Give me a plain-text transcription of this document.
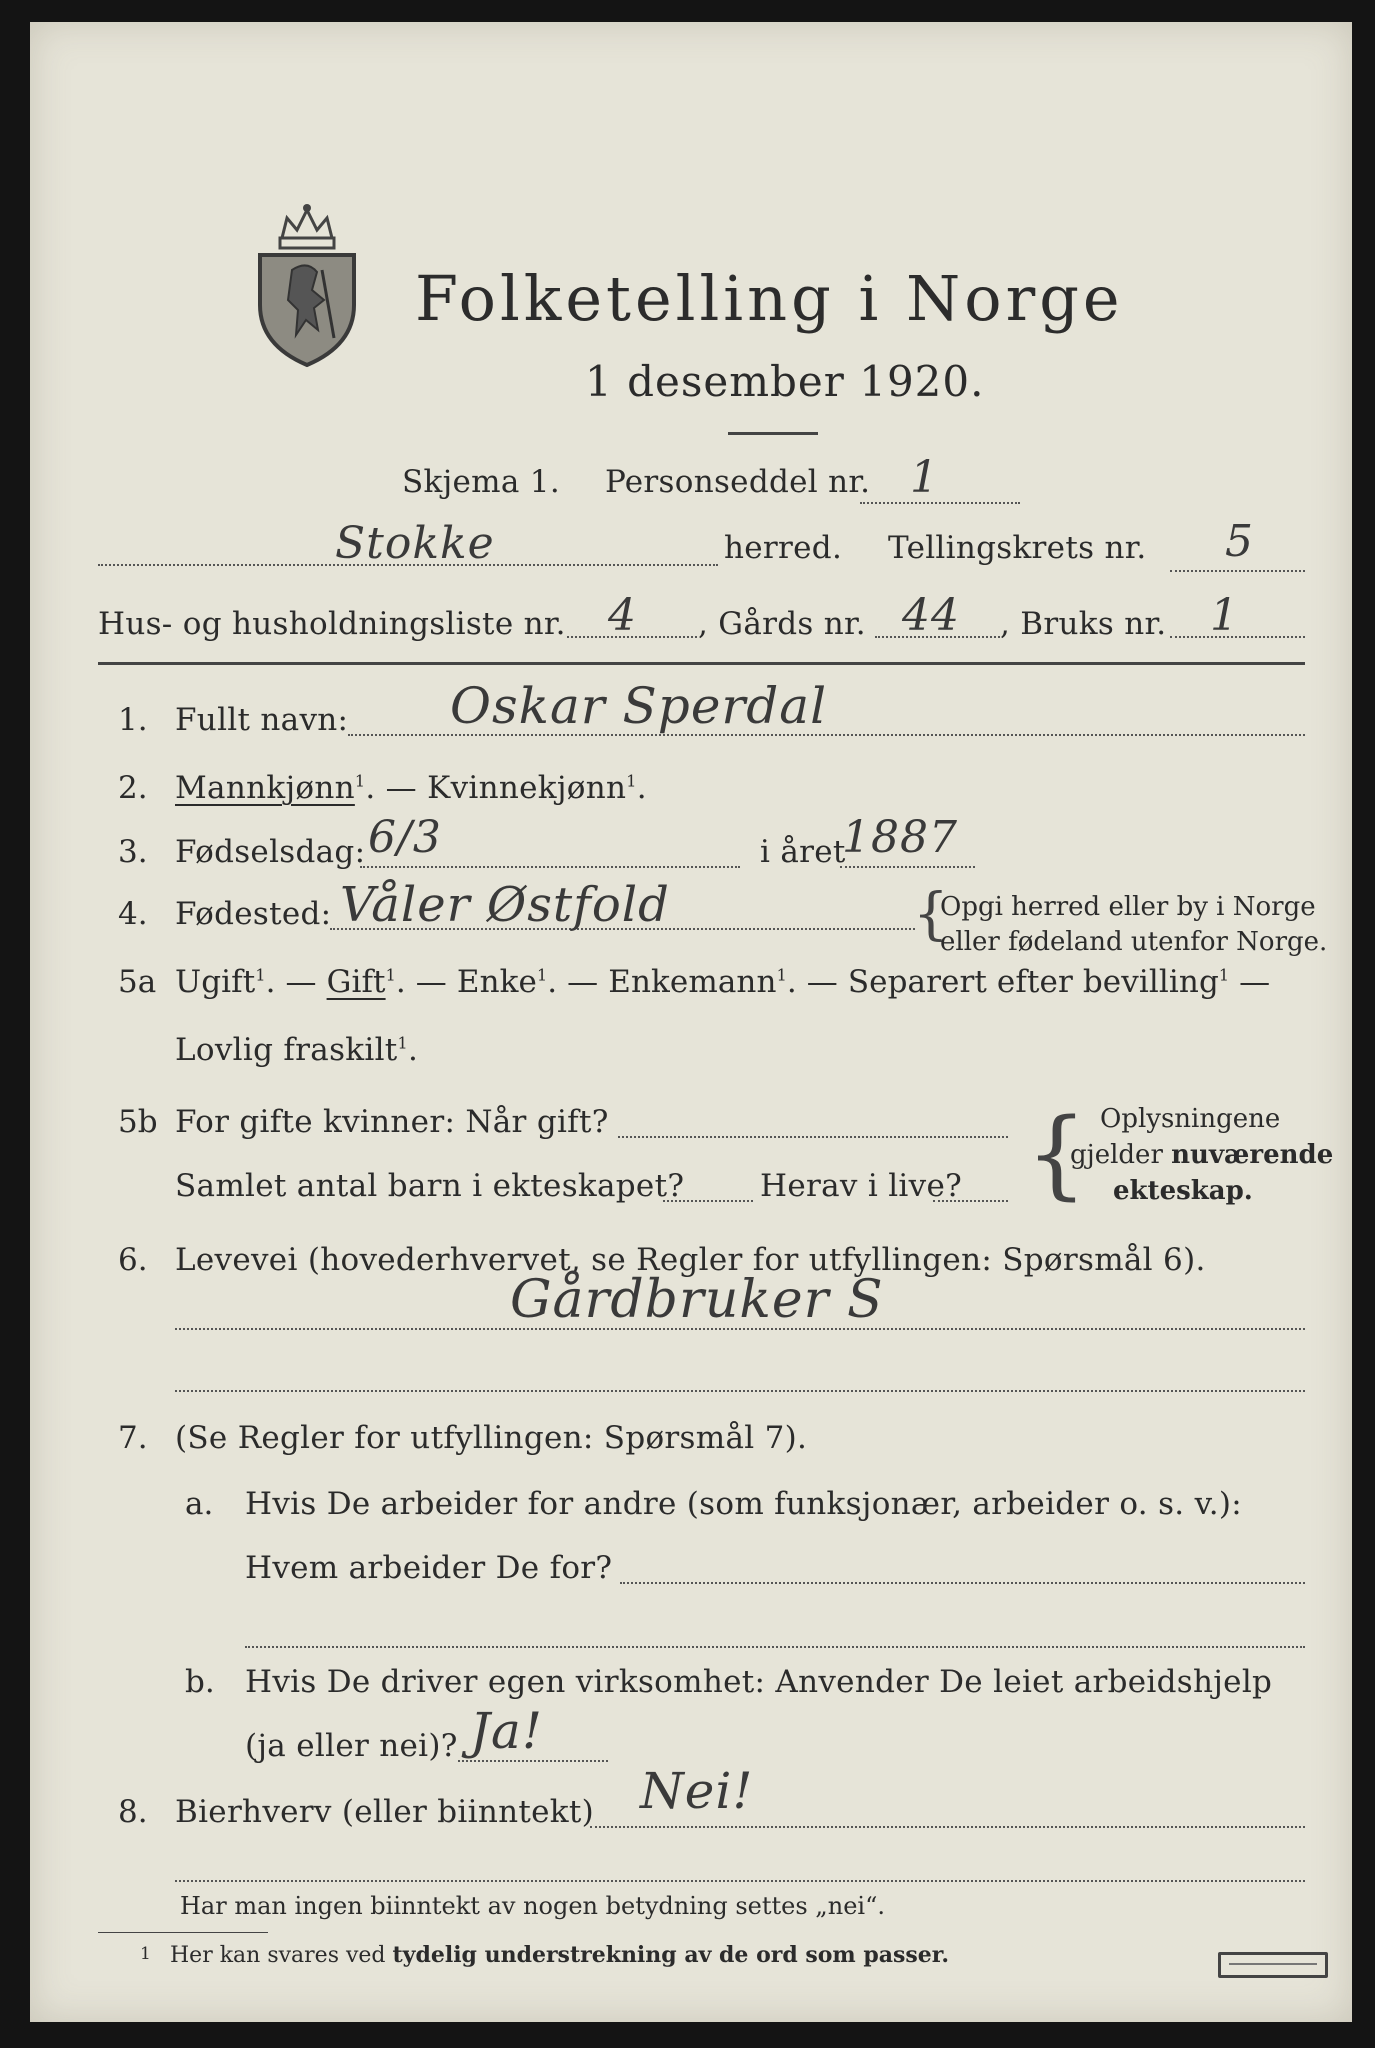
Folketelling i Norge
1 desember 1920.
Skjema 1. Personseddel nr. 1
Stokke	herred. Tellingskrets nr. 5
Hus- og husholdningsliste nr. 4 , Gårds nr. 44 , Bruks nr. 1
1. Fullt navn: Oskar Sperdal
2. Mannkjønn$^1$. — Kvinnekjønn$^1$.
3. Fødselsdag: 6/3	i året
1887
4. Fødested: Våler Østfold	{
Opgi herred eller by i Norge
eller fødeland utenfor Norge.
5a Ugift$^1$. — Gift$^1$. — Enke$^1$. — Enkemann$^1$. — Separert efter bevilling$^1$ —
Lovlig fraskilt$^1$.
5b For gifte kvinner: Når gift?
Samlet antal barn i ekteskapet? Herav i live? { Oplysningene
gjelder nuværende
ekteskap.
6. Levevei (hovederhvervet, se Regler for utfyllingen: Spørsmål 6).
Gårdbruker S
7. (Se Regler for utfyllingen: Spørsmål 7).
a. Hvis De arbeider for andre (som funksjonær, arbeider o. s. v.):
Hvem arbeider De for?
b. Hvis De driver egen virksomhet: Anvender De leiet arbeidshjelp
(ja eller nei)? Ja!
8. Bierhverv (eller biinntekt) Nei!
Har man ingen biinntekt av nogen betydning settes „nei“.
1 Her kan svares ved tydelig understrekning av de ord som passer.
